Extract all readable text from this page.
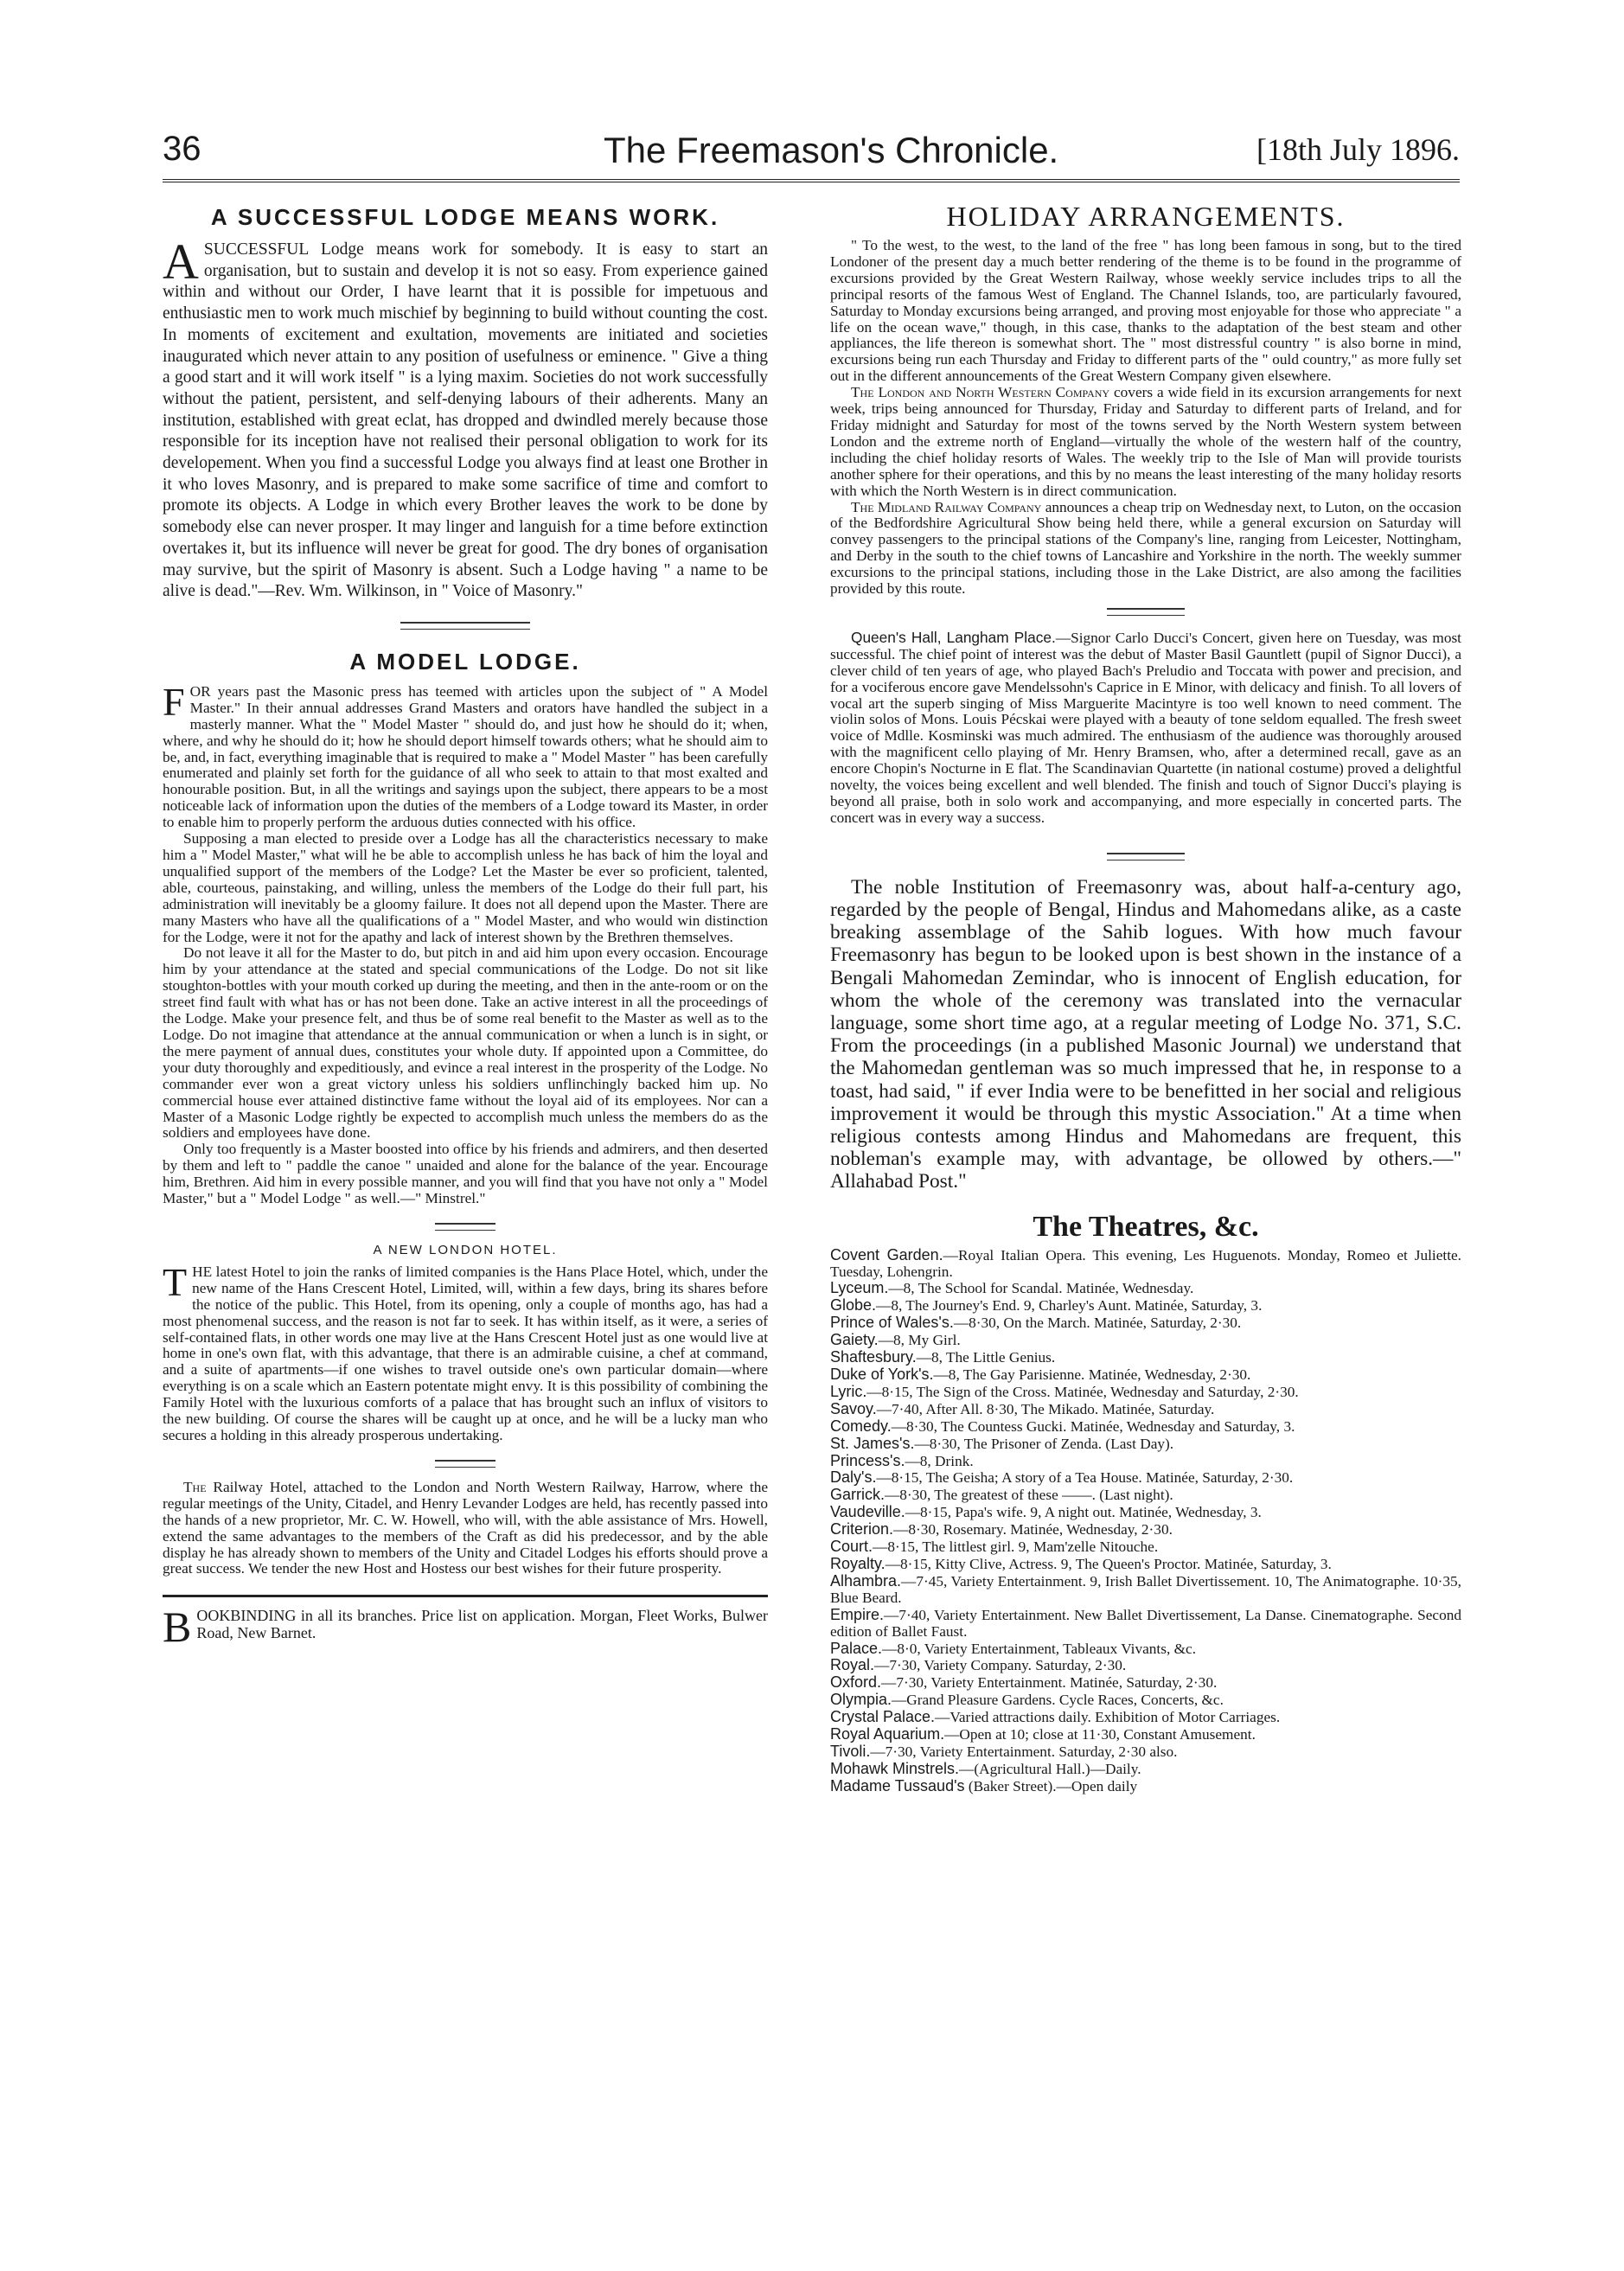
36	The Freemason's Chronicle.	[18th July 1896.
A SUCCESSFUL LODGE MEANS WORK.
A SUCCESSFUL Lodge means work for somebody. It is easy to start an organisation, but to sustain and develop it is not so easy. From experience gained within and without our Order, I have learnt that it is possible for impetuous and enthusiastic men to work much mischief by beginning to build without counting the cost. In moments of excitement and exultation, movements are initiated and societies inaugurated which never attain to any position of usefulness or eminence. " Give a thing a good start and it will work itself " is a lying maxim. Societies do not work successfully without the patient, persistent, and self-denying labours of their adherents. Many an institution, established with great eclat, has dropped and dwindled merely because those responsible for its inception have not realised their personal obligation to work for its developement. When you find a successful Lodge you always find at least one Brother in it who loves Masonry, and is prepared to make some sacrifice of time and comfort to promote its objects. A Lodge in which every Brother leaves the work to be done by somebody else can never prosper. It may linger and languish for a time before extinction overtakes it, but its influence will never be great for good. The dry bones of organisation may survive, but the spirit of Masonry is absent. Such a Lodge having " a name to be alive is dead."—Rev. Wm. Wilkinson, in " Voice of Masonry."
A MODEL LODGE.
F OR years past the Masonic press has teemed with articles upon the subject of " A Model Master." In their annual addresses Grand Masters and orators have handled the subject in a masterly manner. What the " Model Master " should do, and just how he should do it; when, where, and why he should do it; how he should deport himself towards others; what he should aim to be, and, in fact, everything imaginable that is required to make a " Model Master " has been carefully enumerated and plainly set forth for the guidance of all who seek to attain to that most exalted and honourable position. But, in all the writings and sayings upon the subject, there appears to be a most noticeable lack of information upon the duties of the members of a Lodge toward its Master, in order to enable him to properly perform the arduous duties connected with his office.

Supposing a man elected to preside over a Lodge has all the characteristics necessary to make him a " Model Master," what will he be able to accomplish unless he has back of him the loyal and unqualified support of the members of the Lodge? Let the Master be ever so proficient, talented, able, courteous, painstaking, and willing, unless the members of the Lodge do their full part, his administration will inevitably be a gloomy failure. It does not all depend upon the Master. There are many Masters who have all the qualifications of a " Model Master, and who would win distinction for the Lodge, were it not for the apathy and lack of interest shown by the Brethren themselves.

Do not leave it all for the Master to do, but pitch in and aid him upon every occasion. Encourage him by your attendance at the stated and special communications of the Lodge. Do not sit like stoughton-bottles with your mouth corked up during the meeting, and then in the ante-room or on the street find fault with what has or has not been done. Take an active interest in all the proceedings of the Lodge. Make your presence felt, and thus be of some real benefit to the Master as well as to the Lodge. Do not imagine that attendance at the annual communication or when a lunch is in sight, or the mere payment of annual dues, constitutes your whole duty. If appointed upon a Committee, do your duty thoroughly and expeditiously, and evince a real interest in the prosperity of the Lodge. No commander ever won a great victory unless his soldiers unflinchingly backed him up. No commercial house ever attained distinctive fame without the loyal aid of its employees. Nor can a Master of a Masonic Lodge rightly be expected to accomplish much unless the members do as the soldiers and employees have done.

Only too frequently is a Master boosted into office by his friends and admirers, and then deserted by them and left to " paddle the canoe " unaided and alone for the balance of the year. Encourage him, Brethren. Aid him in every possible manner, and you will find that you have not only a " Model Master," but a " Model Lodge " as well.—" Minstrel."

A NEW LONDON HOTEL.
T HE latest Hotel to join the ranks of limited companies is the Hans Place Hotel, which, under the new name of the Hans Crescent Hotel, Limited, will, within a few days, bring its shares before the notice of the public. This Hotel, from its opening, only a couple of months ago, has had a most phenomenal success, and the reason is not far to seek. It has within itself, as it were, a series of self-contained flats, in other words one may live at the Hans Crescent Hotel just as one would live at home in one's own flat, with this advantage, that there is an admirable cuisine, a chef at command, and a suite of apartments—if one wishes to travel outside one's own particular domain—where everything is on a scale which an Eastern potentate might envy. It is this possibility of combining the Family Hotel with the luxurious comforts of a palace that has brought such an influx of visitors to the new building. Of course the shares will be caught up at once, and he will be a lucky man who secures a holding in this already prosperous undertaking.

The Railway Hotel, attached to the London and North Western Railway, Harrow, where the regular meetings of the Unity, Citadel, and Henry Levander Lodges are held, has recently passed into the hands of a new proprietor, Mr. C. W. Howell, who will, with the able assistance of Mrs. Howell, extend the same advantages to the members of the Craft as did his predecessor, and by the able display he has already shown to members of the Unity and Citadel Lodges his efforts should prove a great success. We tender the new Host and Hostess our best wishes for their future prosperity.

B OOKBINDING in all its branches. Price list on application. Morgan, Fleet Works, Bulwer Road, New Barnet.
HOLIDAY ARRANGEMENTS.

" To the west, to the west, to the land of the free " has long been famous in song, but to the tired Londoner of the present day a much better rendering of the theme is to be found in the programme of excursions provided by the Great Western Railway, whose weekly service includes trips to all the principal resorts of the famous West of England. The Channel Islands, too, are particularly favoured, Saturday to Monday excursions being arranged, and proving most enjoyable for those who appreciate " a life on the ocean wave," though, in this case, thanks to the adaptation of the best steam and other appliances, the life thereon is somewhat short. The " most distressful country " is also borne in mind, excursions being run each Thursday and Friday to different parts of the " ould country," as more fully set out in the different announcements of the Great Western Company given elsewhere.

The London and North Western Company covers a wide field in its excursion arrangements for next week, trips being announced for Thursday, Friday and Saturday to different parts of Ireland, and for Friday midnight and Saturday for most of the towns served by the North Western system between London and the extreme north of England—virtually the whole of the western half of the country, including the chief holiday resorts of Wales. The weekly trip to the Isle of Man will provide tourists another sphere for their operations, and this by no means the least interesting of the many holiday resorts with which the North Western is in direct communication.

The Midland Railway Company announces a cheap trip on Wednesday next, to Luton, on the occasion of the Bedfordshire Agricultural Show being held there, while a general excursion on Saturday will convey passengers to the principal stations of the Company's line, ranging from Leicester, Nottingham, and Derby in the south to the chief towns of Lancashire and Yorkshire in the north. The weekly summer excursions to the principal stations, including those in the Lake District, are also among the facilities provided by this route.

Queen's Hall, Langham Place.—Signor Carlo Ducci's Concert, given here on Tuesday, was most successful. The chief point of interest was the debut of Master Basil Gauntlett (pupil of Signor Ducci), a clever child of ten years of age, who played Bach's Preludio and Toccata with power and precision, and for a vociferous encore gave Mendelssohn's Caprice in E Minor, with delicacy and finish. To all lovers of vocal art the superb singing of Miss Marguerite Macintyre is too well known to need comment. The violin solos of Mons. Louis Pécskai were played with a beauty of tone seldom equalled. The fresh sweet voice of Mdlle. Kosminski was much admired. The enthusiasm of the audience was thoroughly aroused with the magnificent cello playing of Mr. Henry Bramsen, who, after a determined recall, gave as an encore Chopin's Nocturne in E flat. The Scandinavian Quartette (in national costume) proved a delightful novelty, the voices being excellent and well blended. The finish and touch of Signor Ducci's playing is beyond all praise, both in solo work and accompanying, and more especially in concerted parts. The concert was in every way a success.

The noble Institution of Freemasonry was, about half-a-century ago, regarded by the people of Bengal, Hindus and Mahomedans alike, as a caste breaking assemblage of the Sahib logues. With how much favour Freemasonry has begun to be looked upon is best shown in the instance of a Bengali Mahomedan Zemindar, who is innocent of English education, for whom the whole of the ceremony was translated into the vernacular language, some short time ago, at a regular meeting of Lodge No. 371, S.C. From the proceedings (in a published Masonic Journal) we understand that the Mahomedan gentleman was so much impressed that he, in response to a toast, had said, " if ever India were to be benefitted in her social and religious improvement it would be through this mystic Association." At a time when religious contests among Hindus and Mahomedans are frequent, this nobleman's example may, with advantage, be ollowed by others.—" Allahabad Post."

The Theatres, &c.

Covent Garden.—Royal Italian Opera. This evening, Les Huguenots. Monday, Romeo et Juliette. Tuesday, Lohengrin.

Lyceum.—8, The School for Scandal. Matinée, Wednesday.

Globe.—8, The Journey's End. 9, Charley's Aunt. Matinée, Saturday, 3.

Prince of Wales's.—8·30, On the March. Matinée, Saturday, 2·30.

Gaiety.—8, My Girl.

Shaftesbury.—8, The Little Genius.

Duke of York's.—8, The Gay Parisienne. Matinée, Wednesday, 2·30.

Lyric.—8·15, The Sign of the Cross. Matinée, Wednesday and Saturday, 2·30.

Savoy.—7·40, After All. 8·30, The Mikado. Matinée, Saturday.

Comedy.—8·30, The Countess Gucki. Matinée, Wednesday and Saturday, 3.

St. James's.—8·30, The Prisoner of Zenda. (Last Day).

Princess's.—8, Drink.

Daly's.—8·15, The Geisha; A story of a Tea House. Matinée, Saturday, 2·30.

Garrick.—8·30, The greatest of these ——. (Last night).

Vaudeville.—8·15, Papa's wife. 9, A night out. Matinée, Wednesday, 3.

Criterion.—8·30, Rosemary. Matinée, Wednesday, 2·30.

Court.—8·15, The littlest girl. 9, Mam'zelle Nitouche.

Royalty.—8·15, Kitty Clive, Actress. 9, The Queen's Proctor. Matinée, Saturday, 3.

Alhambra.—7·45, Variety Entertainment. 9, Irish Ballet Divertissement. 10, The Animatographe. 10·35, Blue Beard.

Empire.—7·40, Variety Entertainment. New Ballet Divertissement, La Danse. Cinematographe. Second edition of Ballet Faust.

Palace.—8·0, Variety Entertainment, Tableaux Vivants, &c.

Royal.—7·30, Variety Company. Saturday, 2·30.

Oxford.—7·30, Variety Entertainment. Matinée, Saturday, 2·30.

Olympia.—Grand Pleasure Gardens. Cycle Races, Concerts, &c.

Crystal Palace.—Varied attractions daily. Exhibition of Motor Carriages.

Royal Aquarium.—Open at 10; close at 11·30, Constant Amusement.

Tivoli.—7·30, Variety Entertainment. Saturday, 2·30 also.

Mohawk Minstrels.—(Agricultural Hall.)—Daily.

Madame Tussaud's (Baker Street).—Open daily
